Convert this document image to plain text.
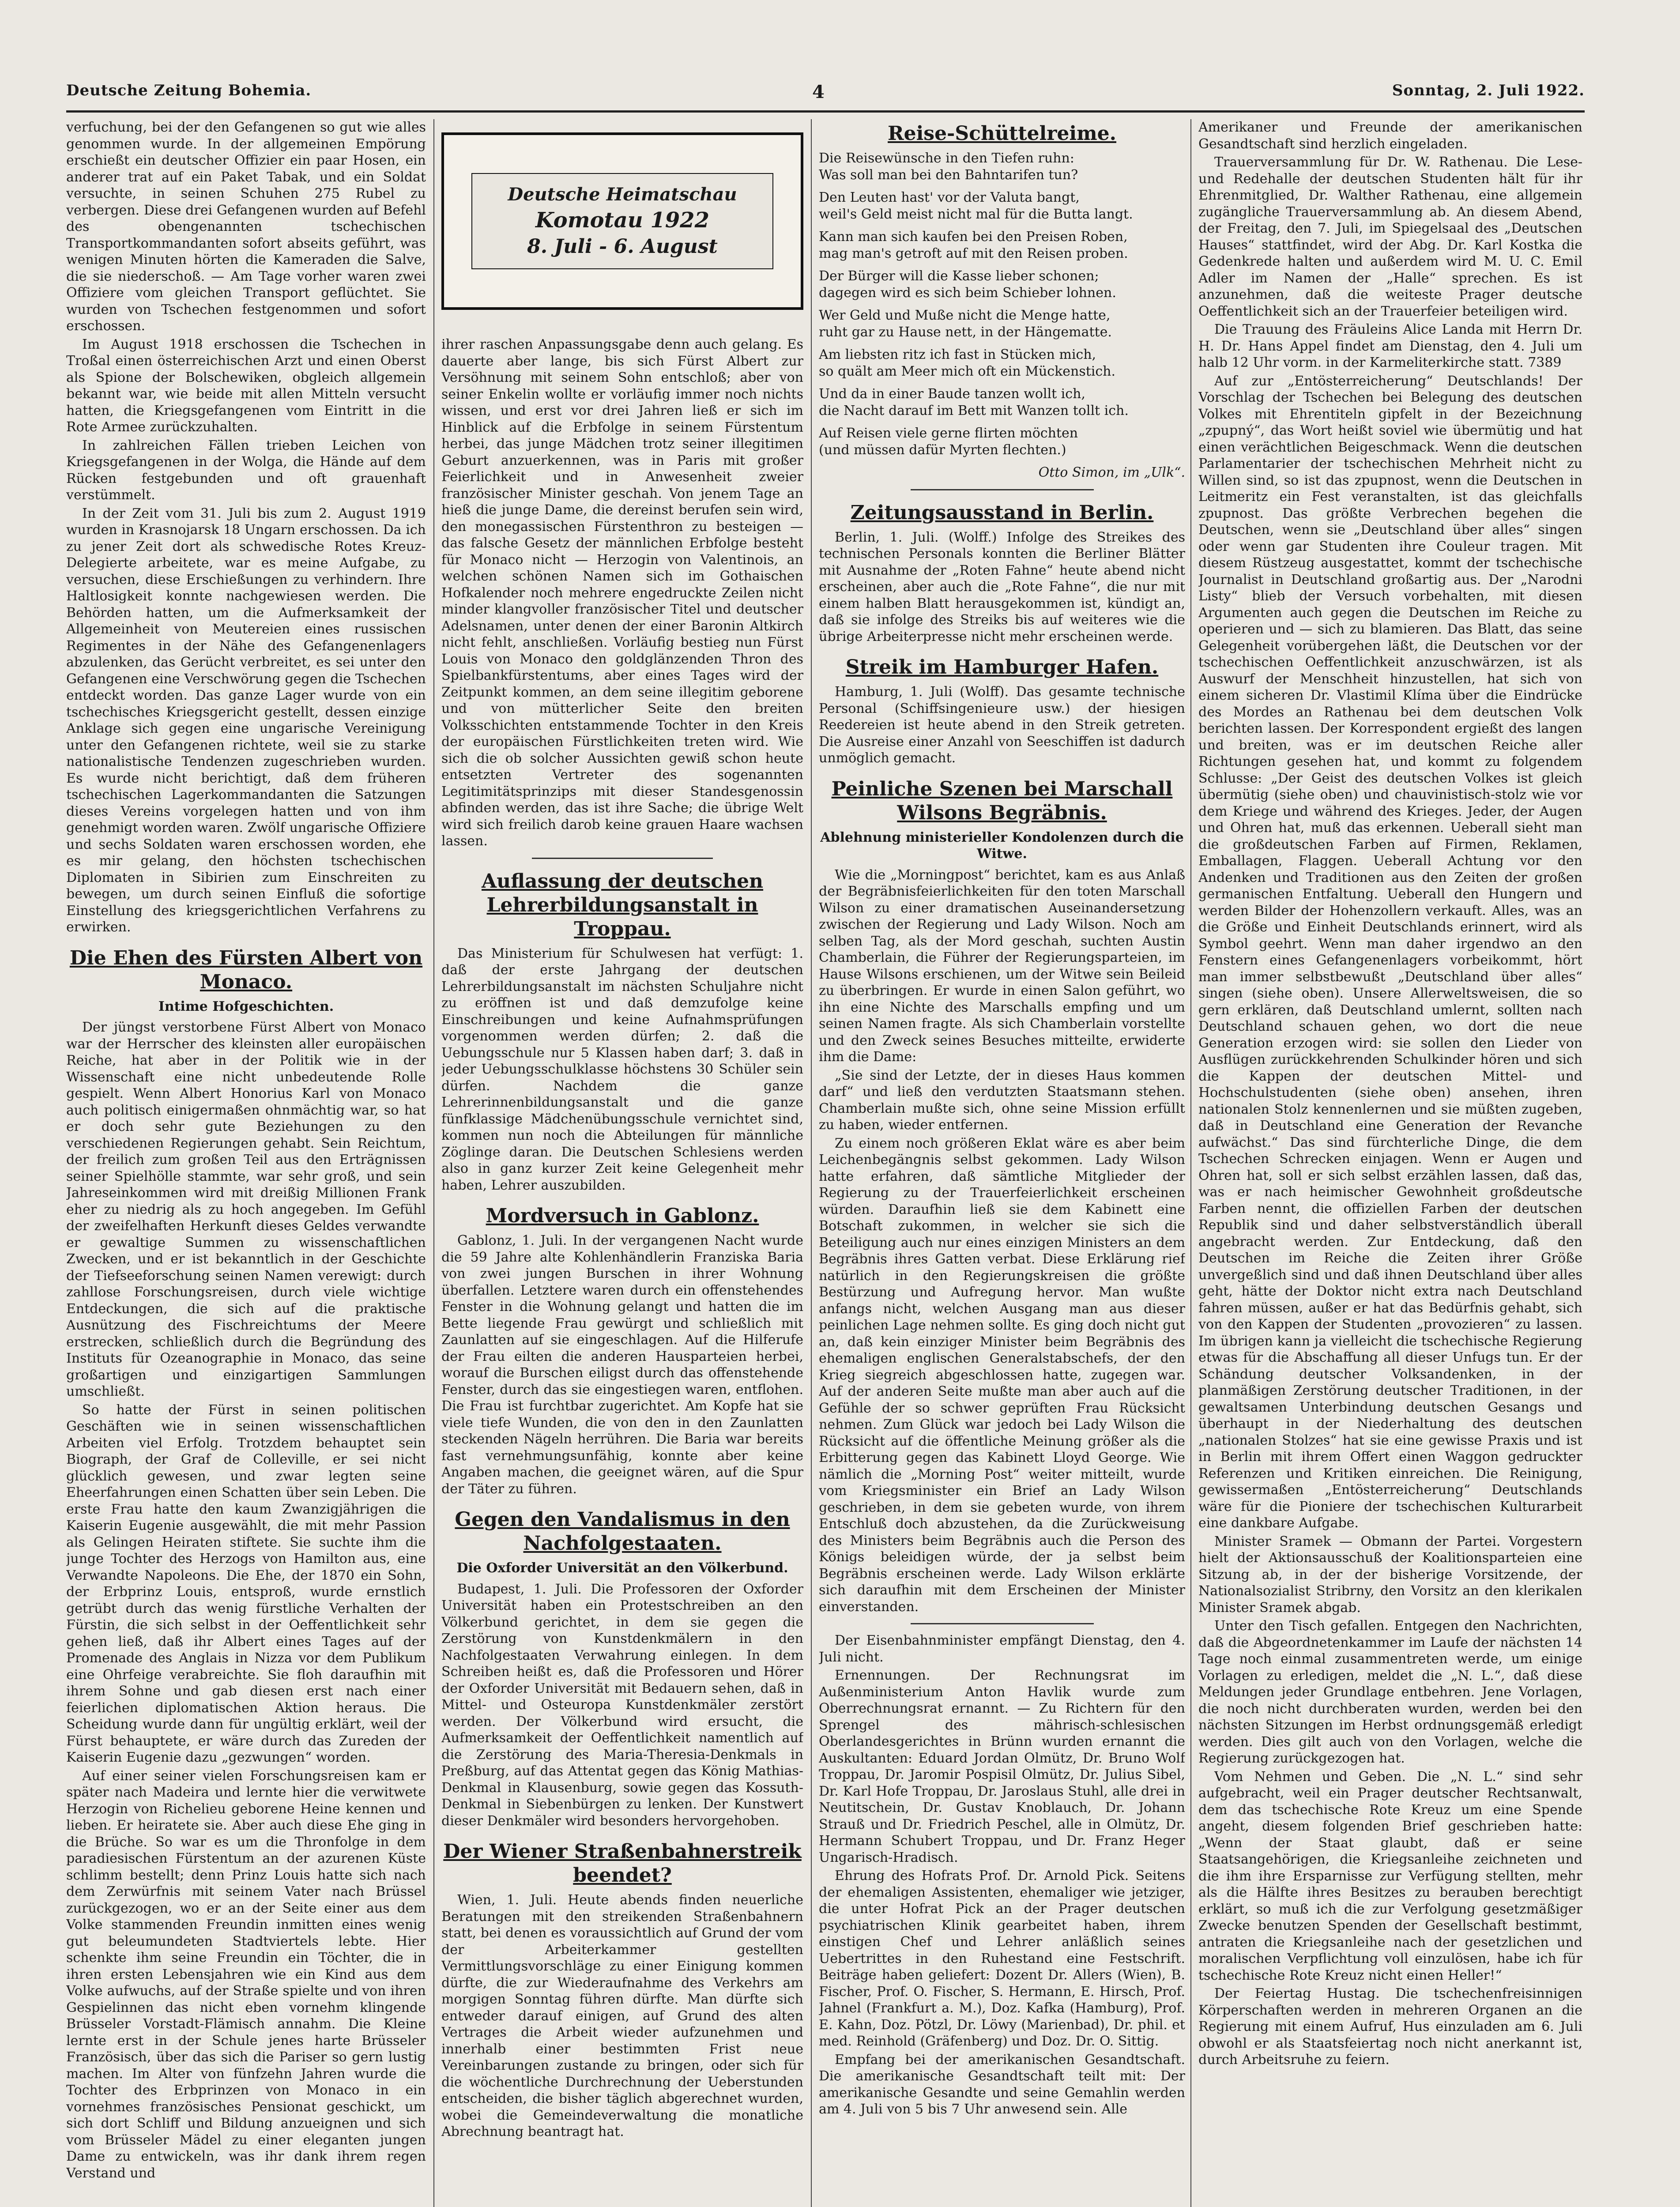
Deutsche Zeitung Bohemia.	4	Sonntag, 2. Juli 1922.

verfuchung, bei der den Gefangenen so gut wie alles genommen wurde. In der allgemeinen Empörung erschießt ein deutscher Offizier ein paar Hosen, ein anderer trat auf ein Paket Tabak, und ein Soldat versuchte, in seinen Schuhen 275 Rubel zu verbergen. Diese drei Gefangenen wurden auf Befehl des obengenannten tschechischen Transportkommandanten sofort abseits geführt, was wenigen Minuten hörten die Kameraden die Salve, die sie niederschoß. — Am Tage vorher waren zwei Offiziere vom gleichen Transport geflüchtet. Sie wurden von Tschechen festgenommen und sofort erschossen.

Im August 1918 erschossen die Tschechen in Troßal einen österreichischen Arzt und einen Oberst als Spione der Bolschewiken, obgleich allgemein bekannt war, wie beide mit allen Mitteln versucht hatten, die Kriegsgefangenen vom Eintritt in die Rote Armee zurückzuhalten.

In zahlreichen Fällen trieben Leichen von Kriegsgefangenen in der Wolga, die Hände auf dem Rücken festgebunden und oft grauenhaft verstümmelt.

In der Zeit vom 31. Juli bis zum 2. August 1919 wurden in Krasnojarsk 18 Ungarn erschossen. Da ich zu jener Zeit dort als schwedische Rotes Kreuz-Delegierte arbeitete, war es meine Aufgabe, zu versuchen, diese Erschießungen zu verhindern. Ihre Haltlosigkeit konnte nachgewiesen werden. Die Behörden hatten, um die Aufmerksamkeit der Allgemeinheit von Meutereien eines russischen Regimentes in der Nähe des Gefangenenlagers abzulenken, das Gerücht verbreitet, es sei unter den Gefangenen eine Verschwörung gegen die Tschechen entdeckt worden. Das ganze Lager wurde von ein tschechisches Kriegsgericht gestellt, dessen einzige Anklage sich gegen eine ungarische Vereinigung unter den Gefangenen richtete, weil sie zu starke nationalistische Tendenzen zugeschrieben wurden. Es wurde nicht berichtigt, daß dem früheren tschechischen Lagerkommandanten die Satzungen dieses Vereins vorgelegen hatten und von ihm genehmigt worden waren. Zwölf ungarische Offiziere und sechs Soldaten waren erschossen worden, ehe es mir gelang, den höchsten tschechischen Diplomaten in Sibirien zum Einschreiten zu bewegen, um durch seinen Einfluß die sofortige Einstellung des kriegsgerichtlichen Verfahrens zu erwirken.

Die Ehen des Fürsten Albert von Monaco.

Intime Hofgeschichten.

Der jüngst verstorbene Fürst Albert von Monaco war der Herrscher des kleinsten aller europäischen Reiche, hat aber in der Politik wie in der Wissenschaft eine nicht unbedeutende Rolle gespielt. Wenn Albert Honorius Karl von Monaco auch politisch einigermaßen ohnmächtig war, so hat er doch sehr gute Beziehungen zu den verschiedenen Regierungen gehabt. Sein Reichtum, der freilich zum großen Teil aus den Erträgnissen seiner Spielhölle stammte, war sehr groß, und sein Jahreseinkommen wird mit dreißig Millionen Frank eher zu niedrig als zu hoch angegeben. Im Gefühl der zweifelhaften Herkunft dieses Geldes verwandte er gewaltige Summen zu wissenschaftlichen Zwecken, und er ist bekanntlich in der Geschichte der Tiefseeforschung seinen Namen verewigt: durch zahllose Forschungsreisen, durch viele wichtige Entdeckungen, die sich auf die praktische Ausnützung des Fischreichtums der Meere erstrecken, schließlich durch die Begründung des Instituts für Ozeanographie in Monaco, das seine großartigen und einzigartigen Sammlungen umschließt.

So hatte der Fürst in seinen politischen Geschäften wie in seinen wissenschaftlichen Arbeiten viel Erfolg. Trotzdem behauptet sein Biograph, der Graf de Colleville, er sei nicht glücklich gewesen, und zwar legten seine Eheerfahrungen einen Schatten über sein Leben. Die erste Frau hatte den kaum Zwanzigjährigen die Kaiserin Eugenie ausgewählt, die mit mehr Passion als Gelingen Heiraten stiftete. Sie suchte ihm die junge Tochter des Herzogs von Hamilton aus, eine Verwandte Napoleons. Die Ehe, der 1870 ein Sohn, der Erbprinz Louis, entsproß, wurde ernstlich getrübt durch das wenig fürstliche Verhalten der Fürstin, die sich selbst in der Oeffentlichkeit sehr gehen ließ, daß ihr Albert eines Tages auf der Promenade des Anglais in Nizza vor dem Publikum eine Ohrfeige verabreichte. Sie floh daraufhin mit ihrem Sohne und gab diesen erst nach einer feierlichen diplomatischen Aktion heraus. Die Scheidung wurde dann für ungültig erklärt, weil der Fürst behauptete, er wäre durch das Zureden der Kaiserin Eugenie dazu „gezwungen“ worden.

Auf einer seiner vielen Forschungsreisen kam er später nach Madeira und lernte hier die verwitwete Herzogin von Richelieu geborene Heine kennen und lieben. Er heiratete sie. Aber auch diese Ehe ging in die Brüche. So war es um die Thronfolge in dem paradiesischen Fürstentum an der azurenen Küste schlimm bestellt; denn Prinz Louis hatte sich nach dem Zerwürfnis mit seinem Vater nach Brüssel zurückgezogen, wo er an der Seite einer aus dem Volke stammenden Freundin inmitten eines wenig gut beleumundeten Stadtviertels lebte. Hier schenkte ihm seine Freundin ein Töchter, die in ihren ersten Lebensjahren wie ein Kind aus dem Volke aufwuchs, auf der Straße spielte und von ihren Gespielinnen das nicht eben vornehm klingende Brüsseler Vorstadt-Flämisch annahm. Die Kleine lernte erst in der Schule jenes harte Brüsseler Französisch, über das sich die Pariser so gern lustig machen. Im Alter von fünfzehn Jahren wurde die Tochter des Erbprinzen von Monaco in ein vornehmes französisches Pensionat geschickt, um sich dort Schliff und Bildung anzueignen und sich vom Brüsseler Mädel zu einer eleganten jungen Dame zu entwickeln, was ihr dank ihrem regen Verstand und

Deutsche Heimatschau
Komotau 1922
8. Juli - 6. August

ihrer raschen Anpassungsgabe denn auch gelang. Es dauerte aber lange, bis sich Fürst Albert zur Versöhnung mit seinem Sohn entschloß; aber von seiner Enkelin wollte er vorläufig immer noch nichts wissen, und erst vor drei Jahren ließ er sich im Hinblick auf die Erbfolge in seinem Fürstentum herbei, das junge Mädchen trotz seiner illegitimen Geburt anzuerkennen, was in Paris mit großer Feierlichkeit und in Anwesenheit zweier französischer Minister geschah. Von jenem Tage an hieß die junge Dame, die dereinst berufen sein wird, den monegassischen Fürstenthron zu besteigen — das falsche Gesetz der männlichen Erbfolge besteht für Monaco nicht — Herzogin von Valentinois, an welchen schönen Namen sich im Gothaischen Hofkalender noch mehrere engedruckte Zeilen nicht minder klangvoller französischer Titel und deutscher Adelsnamen, unter denen der einer Baronin Altkirch nicht fehlt, anschließen. Vorläufig bestieg nun Fürst Louis von Monaco den goldglänzenden Thron des Spielbankfürstentums, aber eines Tages wird der Zeitpunkt kommen, an dem seine illegitim geborene und von mütterlicher Seite den breiten Volksschichten entstammende Tochter in den Kreis der europäischen Fürstlichkeiten treten wird. Wie sich die ob solcher Aussichten gewiß schon heute entsetzten Vertreter des sogenannten Legitimitätsprinzips mit dieser Standesgenossin abfinden werden, das ist ihre Sache; die übrige Welt wird sich freilich darob keine grauen Haare wachsen lassen.

Auflassung der deutschen Lehrerbildungsanstalt in Troppau.

Das Ministerium für Schulwesen hat verfügt: 1. daß der erste Jahrgang der deutschen Lehrerbildungsanstalt im nächsten Schuljahre nicht zu eröffnen ist und daß demzufolge keine Einschreibungen und keine Aufnahmsprüfungen vorgenommen werden dürfen; 2. daß die Uebungsschule nur 5 Klassen haben darf; 3. daß in jeder Uebungsschulklasse höchstens 30 Schüler sein dürfen. Nachdem die ganze Lehrerinnenbildungsanstalt und die ganze fünfklassige Mädchenübungsschule vernichtet sind, kommen nun noch die Abteilungen für männliche Zöglinge daran. Die Deutschen Schlesiens werden also in ganz kurzer Zeit keine Gelegenheit mehr haben, Lehrer auszubilden.

Mordversuch in Gablonz.

Gablonz, 1. Juli. In der vergangenen Nacht wurde die 59 Jahre alte Kohlenhändlerin Franziska Baria von zwei jungen Burschen in ihrer Wohnung überfallen. Letztere waren durch ein offenstehendes Fenster in die Wohnung gelangt und hatten die im Bette liegende Frau gewürgt und schließlich mit Zaunlatten auf sie eingeschlagen. Auf die Hilferufe der Frau eilten die anderen Hausparteien herbei, worauf die Burschen eiligst durch das offenstehende Fenster, durch das sie eingestiegen waren, entflohen. Die Frau ist furchtbar zugerichtet. Am Kopfe hat sie viele tiefe Wunden, die von den in den Zaunlatten steckenden Nägeln herrühren. Die Baria war bereits fast vernehmungsunfähig, konnte aber keine Angaben machen, die geeignet wären, auf die Spur der Täter zu führen.

Gegen den Vandalismus in den Nachfolgestaaten.

Die Oxforder Universität an den Völkerbund.

Budapest, 1. Juli. Die Professoren der Oxforder Universität haben ein Protestschreiben an den Völkerbund gerichtet, in dem sie gegen die Zerstörung von Kunstdenkmälern in den Nachfolgestaaten Verwahrung einlegen. In dem Schreiben heißt es, daß die Professoren und Hörer der Oxforder Universität mit Bedauern sehen, daß in Mittel- und Osteuropa Kunstdenkmäler zerstört werden. Der Völkerbund wird ersucht, die Aufmerksamkeit der Oeffentlichkeit namentlich auf die Zerstörung des Maria-Theresia-Denkmals in Preßburg, auf das Attentat gegen das König Mathias-Denkmal in Klausenburg, sowie gegen das Kossuth-Denkmal in Siebenbürgen zu lenken. Der Kunstwert dieser Denkmäler wird besonders hervorgehoben.

Der Wiener Straßenbahnerstreik beendet?

Wien, 1. Juli. Heute abends finden neuerliche Beratungen mit den streikenden Straßenbahnern statt, bei denen es voraussichtlich auf Grund der vom der Arbeiterkammer gestellten Vermittlungsvorschläge zu einer Einigung kommen dürfte, die zur Wiederaufnahme des Verkehrs am morgigen Sonntag führen dürfte. Man dürfte sich entweder darauf einigen, auf Grund des alten Vertrages die Arbeit wieder aufzunehmen und innerhalb einer bestimmten Frist neue Vereinbarungen zustande zu bringen, oder sich für die wöchentliche Durchrechnung der Ueberstunden entscheiden, die bisher täglich abgerechnet wurden, wobei die Gemeindeverwaltung die monatliche Abrechnung beantragt hat.

Reise-Schüttelreime.
Die Reisewünsche in den Tiefen ruhn:
Was soll man bei den Bahntarifen tun?
Den Leuten hast' vor der Valuta bangt,
weil's Geld meist nicht mal für die Butta langt.
Kann man sich kaufen bei den Preisen Roben,
mag man's getroft auf mit den Reisen proben.
Der Bürger will die Kasse lieber schonen;
dagegen wird es sich beim Schieber lohnen.
Wer Geld und Muße nicht die Menge hatte,
ruht gar zu Hause nett, in der Hängematte.
Am liebsten ritz ich fast in Stücken mich,
so quält am Meer mich oft ein Mückenstich.
Und da in einer Baude tanzen wollt ich,
die Nacht darauf im Bett mit Wanzen tollt ich.
Auf Reisen viele gerne flirten möchten
(und müssen dafür Myrten flechten.)

Otto Simon, im „Ulk“.

Zeitungsausstand in Berlin.

Berlin, 1. Juli. (Wolff.) Infolge des Streikes des technischen Personals konnten die Berliner Blätter mit Ausnahme der „Roten Fahne“ heute abend nicht erscheinen, aber auch die „Rote Fahne“, die nur mit einem halben Blatt herausgekommen ist, kündigt an, daß sie infolge des Streiks bis auf weiteres wie die übrige Arbeiterpresse nicht mehr erscheinen werde.

Streik im Hamburger Hafen.

Hamburg, 1. Juli (Wolff). Das gesamte technische Personal (Schiffsingenieure usw.) der hiesigen Reedereien ist heute abend in den Streik getreten. Die Ausreise einer Anzahl von Seeschiffen ist dadurch unmöglich gemacht.

Peinliche Szenen bei Marschall Wilsons Begräbnis.

Ablehnung ministerieller Kondolenzen durch die Witwe.

Wie die „Morningpost“ berichtet, kam es aus Anlaß der Begräbnisfeierlichkeiten für den toten Marschall Wilson zu einer dramatischen Auseinandersetzung zwischen der Regierung und Lady Wilson. Noch am selben Tag, als der Mord geschah, suchten Austin Chamberlain, die Führer der Regierungsparteien, im Hause Wilsons erschienen, um der Witwe sein Beileid zu überbringen. Er wurde in einen Salon geführt, wo ihn eine Nichte des Marschalls empfing und um seinen Namen fragte. Als sich Chamberlain vorstellte und den Zweck seines Besuches mitteilte, erwiderte ihm die Dame:

„Sie sind der Letzte, der in dieses Haus kommen darf“ und ließ den verdutzten Staatsmann stehen. Chamberlain mußte sich, ohne seine Mission erfüllt zu haben, wieder entfernen.

Zu einem noch größeren Eklat wäre es aber beim Leichenbegängnis selbst gekommen. Lady Wilson hatte erfahren, daß sämtliche Mitglieder der Regierung zu der Trauerfeierlichkeit erscheinen würden. Daraufhin ließ sie dem Kabinett eine Botschaft zukommen, in welcher sie sich die Beteiligung auch nur eines einzigen Ministers an dem Begräbnis ihres Gatten verbat. Diese Erklärung rief natürlich in den Regierungskreisen die größte Bestürzung und Aufregung hervor. Man wußte anfangs nicht, welchen Ausgang man aus dieser peinlichen Lage nehmen sollte. Es ging doch nicht gut an, daß kein einziger Minister beim Begräbnis des ehemaligen englischen Generalstabschefs, der den Krieg siegreich abgeschlossen hatte, zugegen war. Auf der anderen Seite mußte man aber auch auf die Gefühle der so schwer geprüften Frau Rücksicht nehmen. Zum Glück war jedoch bei Lady Wilson die Rücksicht auf die öffentliche Meinung größer als die Erbitterung gegen das Kabinett Lloyd George. Wie nämlich die „Morning Post“ weiter mitteilt, wurde vom Kriegsminister ein Brief an Lady Wilson geschrieben, in dem sie gebeten wurde, von ihrem Entschluß doch abzustehen, da die Zurückweisung des Ministers beim Begräbnis auch die Person des Königs beleidigen würde, der ja selbst beim Begräbnis erscheinen werde. Lady Wilson erklärte sich daraufhin mit dem Erscheinen der Minister einverstanden.

Der Eisenbahnminister empfängt Dienstag, den 4. Juli nicht.

Ernennungen. Der Rechnungsrat im Außenministerium Anton Havlik wurde zum Oberrechnungsrat ernannt. — Zu Richtern für den Sprengel des mährisch-schlesischen Oberlandesgerichtes in Brünn wurden ernannt die Auskultanten: Eduard Jordan Olmütz, Dr. Bruno Wolf Troppau, Dr. Jaromir Pospisil Olmütz, Dr. Julius Sibel, Dr. Karl Hofe Troppau, Dr. Jaroslaus Stuhl, alle drei in Neutitschein, Dr. Gustav Knoblauch, Dr. Johann Strauß und Dr. Friedrich Peschel, alle in Olmütz, Dr. Hermann Schubert Troppau, und Dr. Franz Heger Ungarisch-Hradisch.

Ehrung des Hofrats Prof. Dr. Arnold Pick. Seitens der ehemaligen Assistenten, ehemaliger wie jetziger, die unter Hofrat Pick an der Prager deutschen psychiatrischen Klinik gearbeitet haben, ihrem einstigen Chef und Lehrer anläßlich seines Uebertrittes in den Ruhestand eine Festschrift. Beiträge haben geliefert: Dozent Dr. Allers (Wien), B. Fischer, Prof. O. Fischer, S. Hermann, E. Hirsch, Prof. Jahnel (Frankfurt a. M.), Doz. Kafka (Hamburg), Prof. E. Kahn, Doz. Pötzl, Dr. Löwy (Marienbad), Dr. phil. et med. Reinhold (Gräfenberg) und Doz. Dr. O. Sittig.

Empfang bei der amerikanischen Gesandtschaft. Die amerikanische Gesandtschaft teilt mit: Der amerikanische Gesandte und seine Gemahlin werden am 4. Juli von 5 bis 7 Uhr anwesend sein. Alle

Amerikaner und Freunde der amerikanischen Gesandtschaft sind herzlich eingeladen.

Trauerversammlung für Dr. W. Rathenau. Die Lese- und Redehalle der deutschen Studenten hält für ihr Ehrenmitglied, Dr. Walther Rathenau, eine allgemein zugängliche Trauerversammlung ab. An diesem Abend, der Freitag, den 7. Juli, im Spiegelsaal des „Deutschen Hauses“ stattfindet, wird der Abg. Dr. Karl Kostka die Gedenkrede halten und außerdem wird M. U. C. Emil Adler im Namen der „Halle“ sprechen. Es ist anzunehmen, daß die weiteste Prager deutsche Oeffentlichkeit sich an der Trauerfeier beteiligen wird.

Die Trauung des Fräuleins Alice Landa mit Herrn Dr. H. Dr. Hans Appel findet am Dienstag, den 4. Juli um halb 12 Uhr vorm. in der Karmeliterkirche statt. 7389

Auf zur „Entösterreicherung“ Deutschlands! Der Vorschlag der Tschechen bei Belegung des deutschen Volkes mit Ehrentiteln gipfelt in der Bezeichnung „zpupný“, das Wort heißt soviel wie übermütig und hat einen verächtlichen Beigeschmack. Wenn die deutschen Parlamentarier der tschechischen Mehrheit nicht zu Willen sind, so ist das zpupnost, wenn die Deutschen in Leitmeritz ein Fest veranstalten, ist das gleichfalls zpupnost. Das größte Verbrechen begehen die Deutschen, wenn sie „Deutschland über alles“ singen oder wenn gar Studenten ihre Couleur tragen. Mit diesem Rüstzeug ausgestattet, kommt der tschechische Journalist in Deutschland großartig aus. Der „Narodni Listy“ blieb der Versuch vorbehalten, mit diesen Argumenten auch gegen die Deutschen im Reiche zu operieren und — sich zu blamieren. Das Blatt, das seine Gelegenheit vorübergehen läßt, die Deutschen vor der tschechischen Oeffentlichkeit anzuschwärzen, ist als Auswurf der Menschheit hinzustellen, hat sich von einem sicheren Dr. Vlastimil Klíma über die Eindrücke des Mordes an Rathenau bei dem deutschen Volk berichten lassen. Der Korrespondent ergießt des langen und breiten, was er im deutschen Reiche aller Richtungen gesehen hat, und kommt zu folgendem Schlusse: „Der Geist des deutschen Volkes ist gleich übermütig (siehe oben) und chauvinistisch-stolz wie vor dem Kriege und während des Krieges. Jeder, der Augen und Ohren hat, muß das erkennen. Ueberall sieht man die großdeutschen Farben auf Firmen, Reklamen, Emballagen, Flaggen. Ueberall Achtung vor den Andenken und Traditionen aus den Zeiten der großen germanischen Entfaltung. Ueberall den Hungern und werden Bilder der Hohenzollern verkauft. Alles, was an die Größe und Einheit Deutschlands erinnert, wird als Symbol geehrt. Wenn man daher irgendwo an den Fenstern eines Gefangenenlagers vorbeikommt, hört man immer selbstbewußt „Deutschland über alles“ singen (siehe oben). Unsere Allerweltsweisen, die so gern erklären, daß Deutschland umlernt, sollten nach Deutschland schauen gehen, wo dort die neue Generation erzogen wird: sie sollen den Lieder von Ausflügen zurückkehrenden Schulkinder hören und sich die Kappen der deutschen Mittel- und Hochschulstudenten (siehe oben) ansehen, ihren nationalen Stolz kennenlernen und sie müßten zugeben, daß in Deutschland eine Generation der Revanche aufwächst.“ Das sind fürchterliche Dinge, die dem Tschechen Schrecken einjagen. Wenn er Augen und Ohren hat, soll er sich selbst erzählen lassen, daß das, was er nach heimischer Gewohnheit großdeutsche Farben nennt, die offiziellen Farben der deutschen Republik sind und daher selbstverständlich überall angebracht werden. Zur Entdeckung, daß den Deutschen im Reiche die Zeiten ihrer Größe unvergeßlich sind und daß ihnen Deutschland über alles geht, hätte der Doktor nicht extra nach Deutschland fahren müssen, außer er hat das Bedürfnis gehabt, sich von den Kappen der Studenten „provozieren“ zu lassen. Im übrigen kann ja vielleicht die tschechische Regierung etwas für die Abschaffung all dieser Unfugs tun. Er der Schändung deutscher Volksandenken, in der planmäßigen Zerstörung deutscher Traditionen, in der gewaltsamen Unterbindung deutschen Gesangs und überhaupt in der Niederhaltung des deutschen „nationalen Stolzes“ hat sie eine gewisse Praxis und ist in Berlin mit ihrem Offert einen Waggon gedruckter Referenzen und Kritiken einreichen. Die Reinigung, gewissermaßen „Entösterreicherung“ Deutschlands wäre für die Pioniere der tschechischen Kulturarbeit eine dankbare Aufgabe.

Minister Sramek — Obmann der Partei. Vorgestern hielt der Aktionsausschuß der Koalitionsparteien eine Sitzung ab, in der der bisherige Vorsitzende, der Nationalsozialist Stribrny, den Vorsitz an den klerikalen Minister Sramek abgab.

Unter den Tisch gefallen. Entgegen den Nachrichten, daß die Abgeordnetenkammer im Laufe der nächsten 14 Tage noch einmal zusammentreten werde, um einige Vorlagen zu erledigen, meldet die „N. L.“, daß diese Meldungen jeder Grundlage entbehren. Jene Vorlagen, die noch nicht durchberaten wurden, werden bei den nächsten Sitzungen im Herbst ordnungsgemäß erledigt werden. Dies gilt auch von den Vorlagen, welche die Regierung zurückgezogen hat.

Vom Nehmen und Geben. Die „N. L.“ sind sehr aufgebracht, weil ein Prager deutscher Rechtsanwalt, dem das tschechische Rote Kreuz um eine Spende angeht, diesem folgenden Brief geschrieben hatte: „Wenn der Staat glaubt, daß er seine Staatsangehörigen, die Kriegsanleihe zeichneten und die ihm ihre Ersparnisse zur Verfügung stellten, mehr als die Hälfte ihres Besitzes zu berauben berechtigt erklärt, so muß ich die zur Verfolgung gesetzmäßiger Zwecke benutzen Spenden der Gesellschaft bestimmt, antraten die Kriegsanleihe nach der gesetzlichen und moralischen Verpflichtung voll einzulösen, habe ich für tschechische Rote Kreuz nicht einen Heller!“

Der Feiertag Hustag. Die tschechenfreisinnigen Körperschaften werden in mehreren Organen an die Regierung mit einem Aufruf, Hus einzuladen am 6. Juli obwohl er als Staatsfeiertag noch nicht anerkannt ist, durch Arbeitsruhe zu feiern.
